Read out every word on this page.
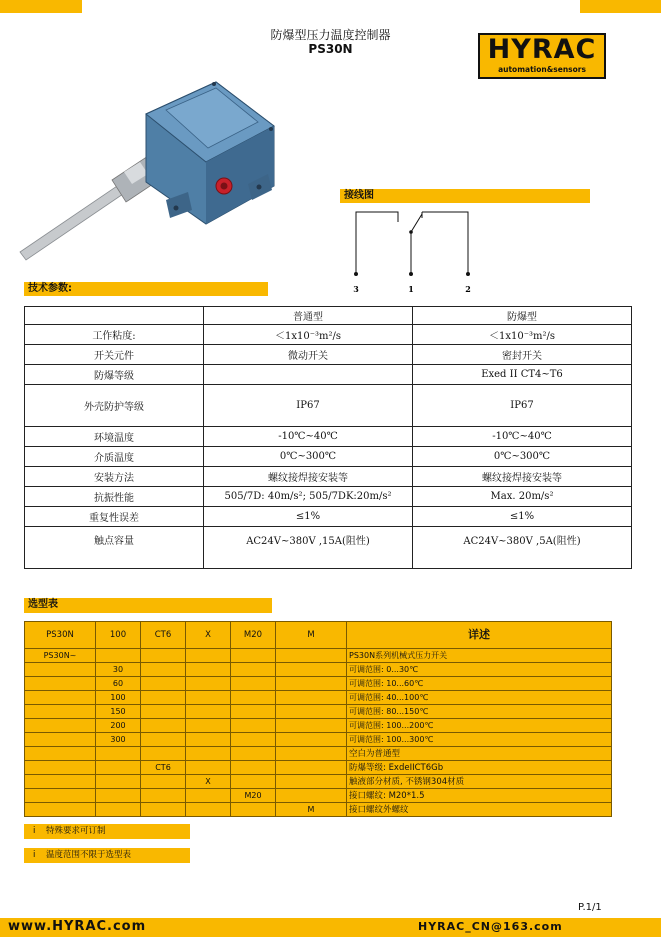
防爆型压力温度控制器
PS30N	HYRAC
automation&sensors
接线图
3	1	2
技术参数:
	普通型	防爆型
工作粘度:	＜1x10⁻³m²/s	＜1x10⁻³m²/s
开关元件	微动开关	密封开关
防爆等级		Exed II CT4~T6
外壳防护等级	IP67	IP67
环境温度	-10℃~40℃	-10℃~40℃
介质温度	0℃~300℃	0℃~300℃
安装方法	螺纹接焊接安装等	螺纹接焊接安装等
抗振性能	505/7D: 40m/s²; 505/7DK:20m/s²	Max. 20m/s²
重复性误差	≤1%	≤1%
触点容量	AC24V~380V ,15A(阻性)	AC24V~380V ,5A(阻性)
选型表
PS30N	100	CT6	X	M20	M	详述
PS30N~						PS30N系列机械式压力开关
	30					可调范围: 0...30℃
	60					可调范围: 10...60℃
	100					可调范围: 40...100℃
	150					可调范围: 80...150℃
	200					可调范围: 100...200℃
	300					可调范围: 100...300℃
						空白为普通型
		CT6				防爆等级: ExdeIICT6Gb
			X			触液部分材质, 不锈钢304材质
				M20		接口螺纹: M20*1.5
					M	接口螺纹外螺纹
i 特殊要求可订制
i 温度范围不限于选型表
P.1/1
www.HYRAC.com	HYRAC_CN@163.com
